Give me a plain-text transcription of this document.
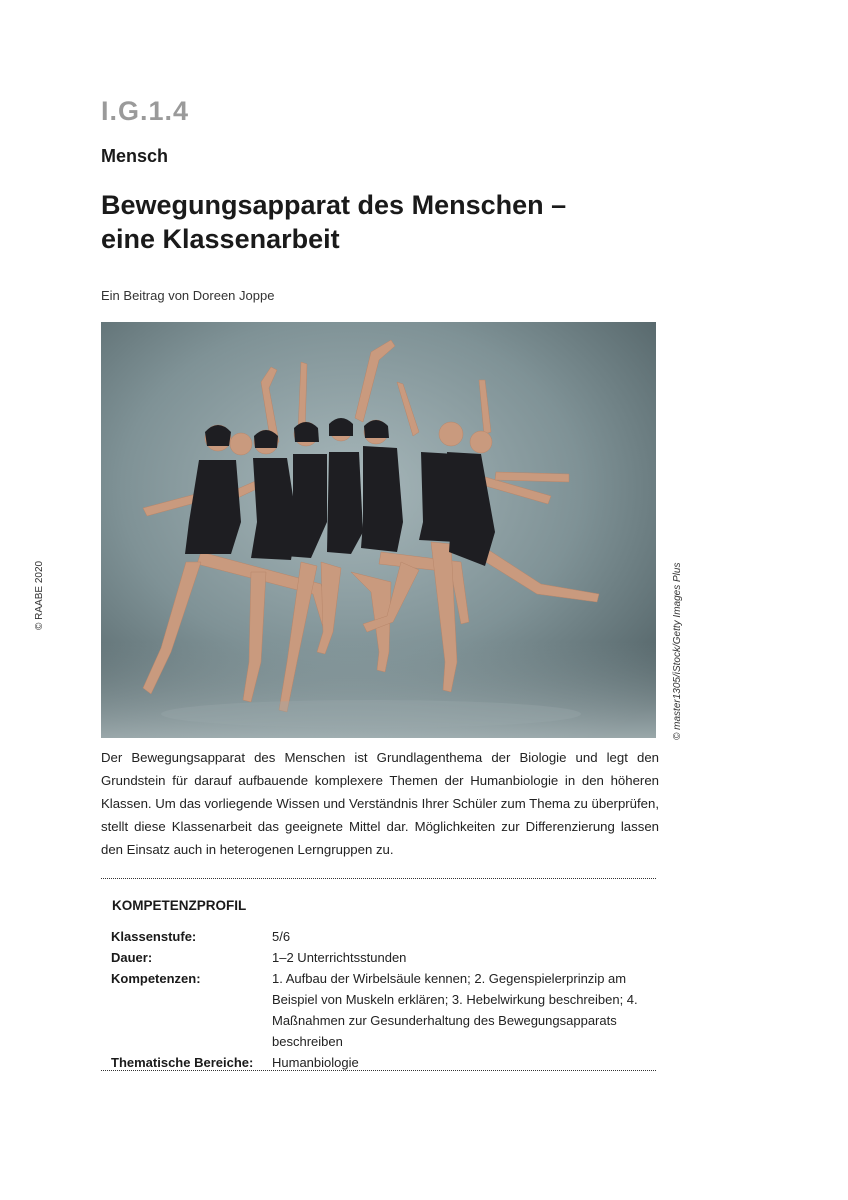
I.G.1.4
Mensch
Bewegungsapparat des Menschen –
eine Klassenarbeit
Ein Beitrag von Doreen Joppe
© RAABE 2020	© master1305/iStock/Getty Images Plus

Der Bewegungsapparat des Menschen ist Grundlagenthema der Biologie und legt den Grundstein für darauf aufbauende komplexere Themen der Humanbiologie in den höheren Klassen. Um das vorliegende Wissen und Verständnis Ihrer Schüler zum Thema zu überprüfen, stellt diese Klassenarbeit das geeignete Mittel dar. Möglichkeiten zur Differenzierung lassen den Einsatz auch in heterogenen Lerngruppen zu.

KOMPETENZPROFIL
Klassenstufe:	5/6
Dauer:	1–2 Unterrichtsstunden
Kompetenzen:	1. Aufbau der Wirbelsäule kennen; 2. Gegenspielerprinzip am Beispiel von Muskeln erklären; 3. Hebelwirkung beschreiben; 4. Maßnahmen zur Gesunderhaltung des Bewegungsapparats beschreiben
Thematische Bereiche:	Humanbiologie
